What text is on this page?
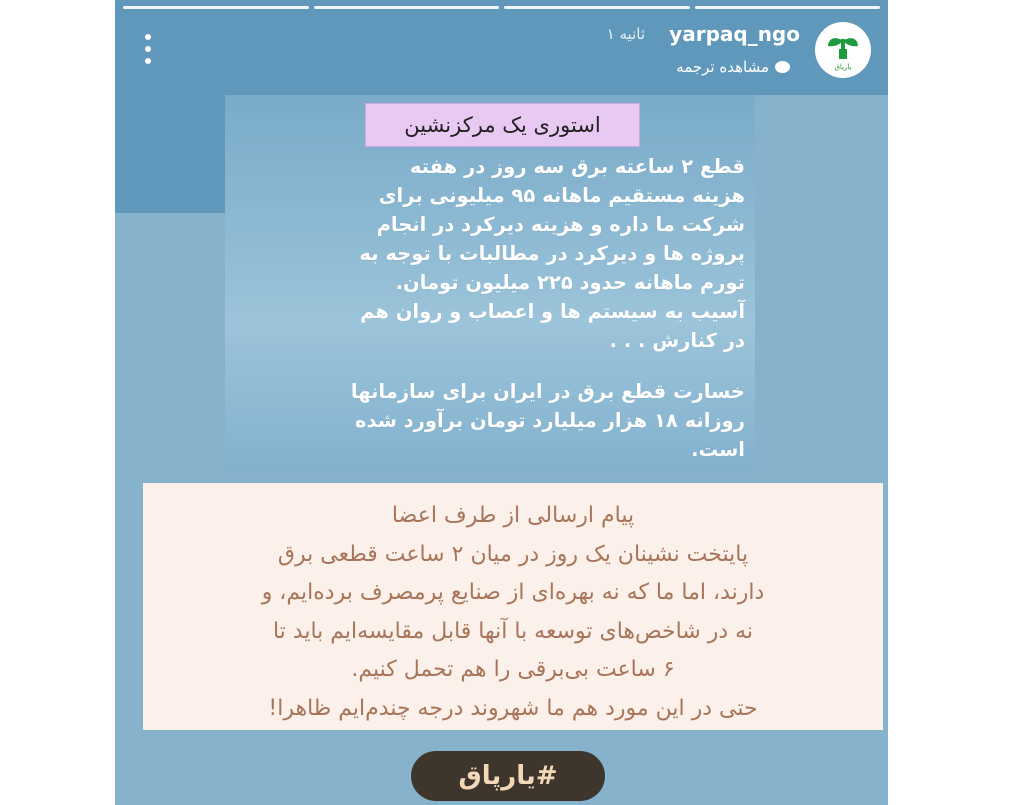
یارپاق
yarpaq_ngo
۱ ثانیه
مشاهده ترجمه
استوری یک مرکزنشین
قطع ۲ ساعته برق سه روز در هفته
هزینه مستقیم ماهانه ۹۵ میلیونی برای
شرکت ما داره و هزینه دیرکرد در انجام
پروژه ها و دیرکرد در مطالبات با توجه به
تورم ماهانه حدود ۲۲۵ میلیون تومان.
آسیب به سیستم ها و اعصاب و روان هم
در کنارش . . .
خسارت قطع برق در ایران برای سازمانها
روزانه ۱۸ هزار میلیارد تومان برآورد شده
است.
پیام ارسالی از طرف اعضا
پایتخت نشینان یک روز در میان ۲ ساعت قطعی برق
دارند، اما ما که نه بهره‌ای از صنایع پرمصرف برده‌ایم، و
نه در شاخص‌های توسعه با آنها قابل مقایسه‌ایم باید تا
۶ ساعت بی‌برقی را هم تحمل کنیم.
حتی در این مورد هم ما شهروند درجه چندم‌ایم ظاهرا!
#یارپاق
